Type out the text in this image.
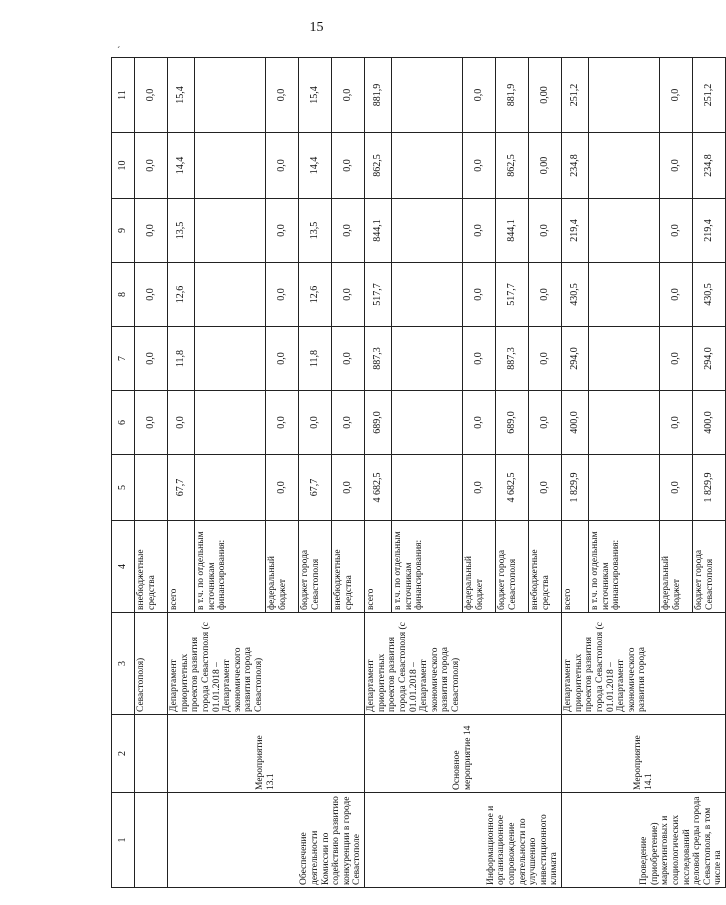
15
ˊ
1	2	3	4	5	6	7	8	9	10	11
		Севастополя)	внебюджетные средства		0,0	0,0	0,0	0,0	0,0	0,0
Обеспечение деятельности Комиссии по содействию развитию конкуренции в городе Севастополе	Мероприятие 13.1	Департамент приоритетных проектов развития города Севастополя (с 01.01.2018 – Департамент экономического развития города Севастополя)	всего	67,7	0,0	11,8	12,6	13,5	14,4	15,4
			в т.ч. по отдельным источникам финансирования:							
			федеральный бюджет	0,0	0,0	0,0	0,0	0,0	0,0	0,0
			бюджет города Севастополя	67,7	0,0	11,8	12,6	13,5	14,4	15,4
			внебюджетные средства	0,0	0,0	0,0	0,0	0,0	0,0	0,0
Информационное и организационное сопровождение деятельности по улучшению инвестиционного климата	Основное мероприятие 14	Департамент приоритетных проектов развития города Севастополя (с 01.01.2018 – Департамент экономического развития города Севастополя)	всего	4 682,5	689,0	887,3	517,7	844,1	862,5	881,9
			в т.ч. по отдельным источникам финансирования:							
			федеральный бюджет	0,0	0,0	0,0	0,0	0,0	0,0	0,0
			бюджет города Севастополя	4 682,5	689,0	887,3	517,7	844,1	862,5	881,9
			внебюджетные средства	0,0	0,0	0,0	0,0	0,0	0,00	0,00
Проведение (приобретение) маркетинговых и социологических исследований деловой среды города Севастополя, в том числе на	Мероприятие 14.1	Департамент приоритетных проектов развития города Севастополя (с 01.01.2018 – Департамент экономического развития города	всего	1 829,9	400,0	294,0	430,5	219,4	234,8	251,2
			в т.ч. по отдельным источникам финансирования:							
			федеральный бюджет	0,0	0,0	0,0	0,0	0,0	0,0	0,0
			бюджет города Севастополя	1 829,9	400,0	294,0	430,5	219,4	234,8	251,2
